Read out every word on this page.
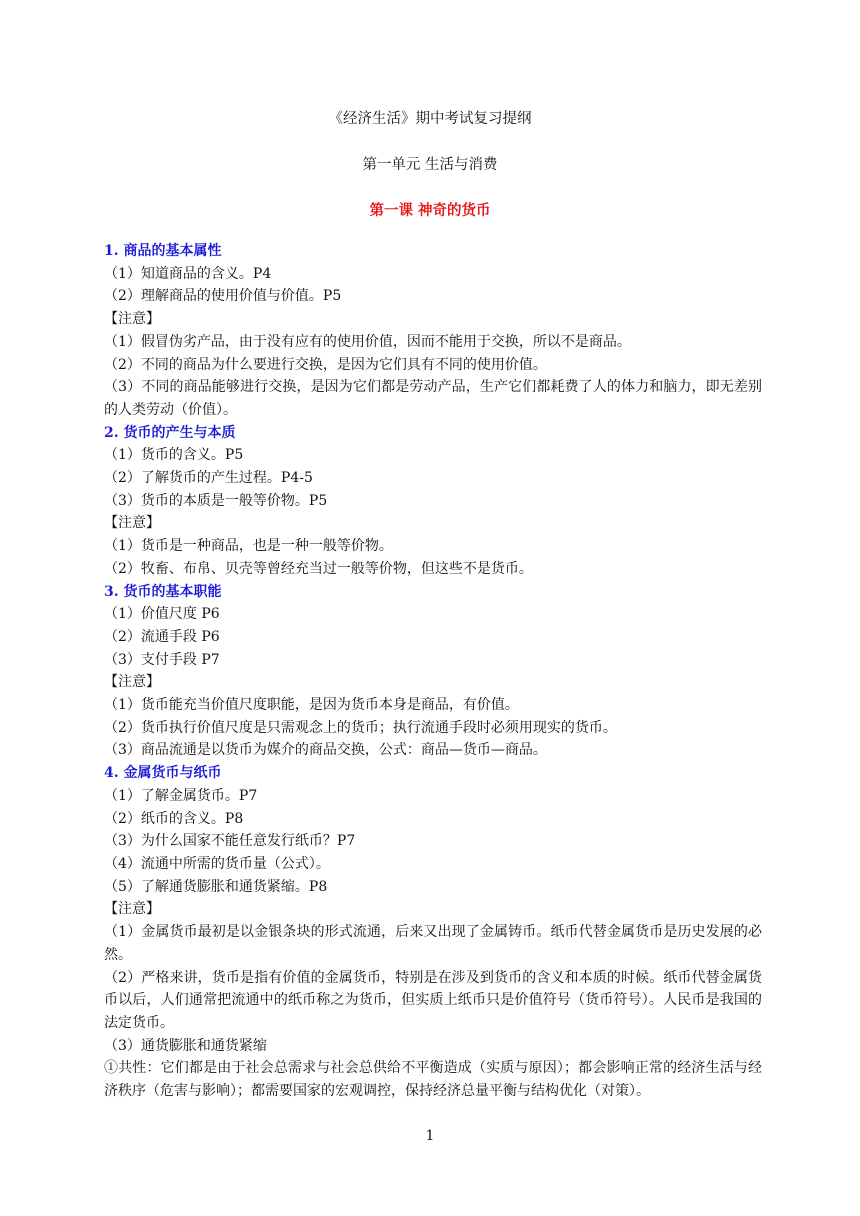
《经济生活》期中考试复习提纲
第一单元 生活与消费
第一课 神奇的货币
1. 商品的基本属性
（1）知道商品的含义。P4
（2）理解商品的使用价值与价值。P5
【注意】
（1）假冒伪劣产品，由于没有应有的使用价值，因而不能用于交换，所以不是商品。
（2）不同的商品为什么要进行交换，是因为它们具有不同的使用价值。
（3）不同的商品能够进行交换，是因为它们都是劳动产品，生产它们都耗费了人的体力和脑力，即无差别的人类劳动（价值）。
2. 货币的产生与本质
（1）货币的含义。P5
（2）了解货币的产生过程。P4-5
（3）货币的本质是一般等价物。P5
【注意】
（1）货币是一种商品，也是一种一般等价物。
（2）牧畜、布帛、贝壳等曾经充当过一般等价物，但这些不是货币。
3. 货币的基本职能
（1）价值尺度 P6
（2）流通手段 P6
（3）支付手段 P7
【注意】
（1）货币能充当价值尺度职能，是因为货币本身是商品，有价值。
（2）货币执行价值尺度是只需观念上的货币；执行流通手段时必须用现实的货币。
（3）商品流通是以货币为媒介的商品交换，公式：商品—货币—商品。
4. 金属货币与纸币
（1）了解金属货币。P7
（2）纸币的含义。P8
（3）为什么国家不能任意发行纸币？P7
（4）流通中所需的货币量（公式）。
（5）了解通货膨胀和通货紧缩。P8
【注意】
（1）金属货币最初是以金银条块的形式流通，后来又出现了金属铸币。纸币代替金属货币是历史发展的必然。
（2）严格来讲，货币是指有价值的金属货币，特别是在涉及到货币的含义和本质的时候。纸币代替金属货币以后，人们通常把流通中的纸币称之为货币，但实质上纸币只是价值符号（货币符号）。人民币是我国的法定货币。
（3）通货膨胀和通货紧缩
①共性：它们都是由于社会总需求与社会总供给不平衡造成（实质与原因）；都会影响正常的经济生活与经济秩序（危害与影响）；都需要国家的宏观调控，保持经济总量平衡与结构优化（对策）。
1
